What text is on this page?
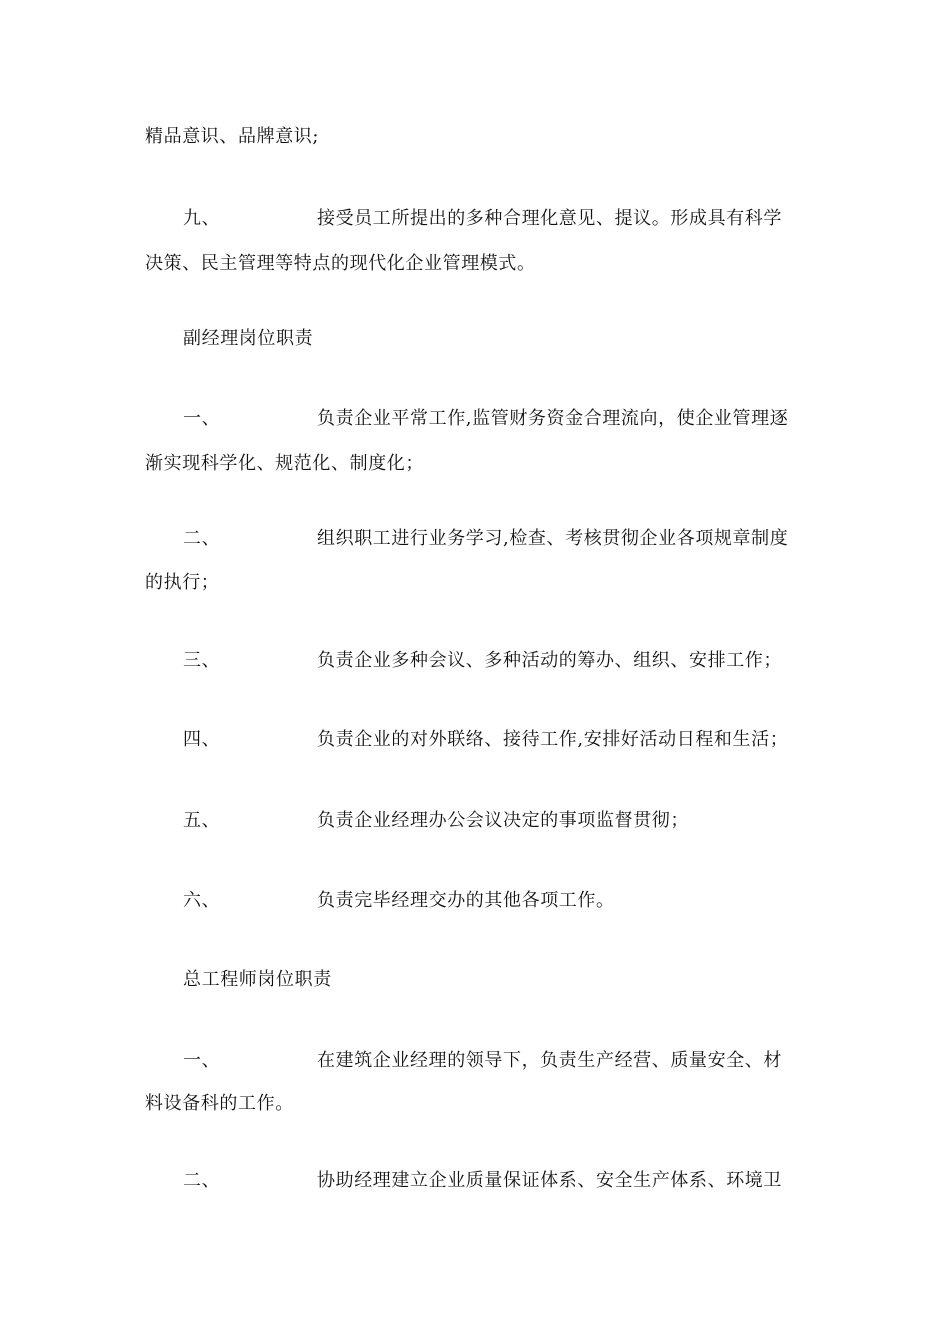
精品意识、品牌意识;
九、	接受员工所提出的多种合理化意见、提议。形成具有科学
决策、民主管理等特点的现代化企业管理模式。
副经理岗位职责
一、	负责企业平常工作,监管财务资金合理流向，使企业管理逐
渐实现科学化、规范化、制度化；
二、	组织职工进行业务学习,检查、考核贯彻企业各项规章制度
的执行；
三、	负责企业多种会议、多种活动的筹办、组织、安排工作；
四、	负责企业的对外联络、接待工作,安排好活动日程和生活；
五、	负责企业经理办公会议决定的事项监督贯彻；
六、	负责完毕经理交办的其他各项工作。
总工程师岗位职责
一、	在建筑企业经理的领导下，负责生产经营、质量安全、材
料设备科的工作。
二、	协助经理建立企业质量保证体系、安全生产体系、环境卫
